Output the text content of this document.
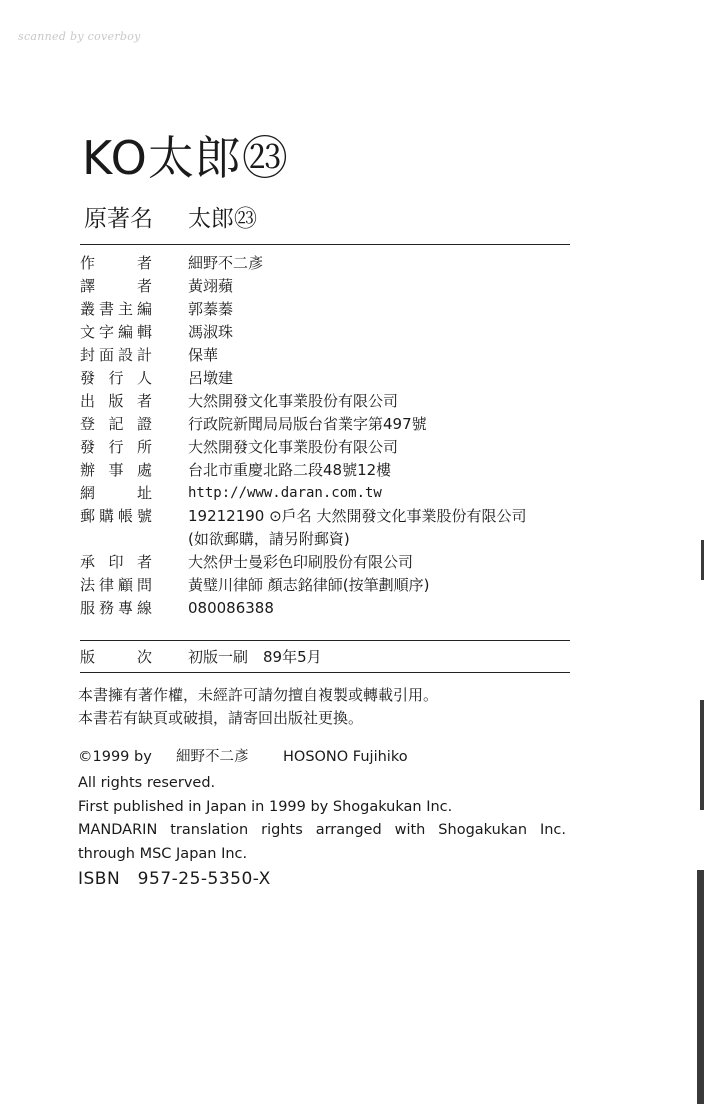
scanned by coverboy
KO太郎㉓
原著名 太郎㉓
作　者 細野不二彥
譯　者 黃翊蘋
叢書主編 郭蓁蓁
文字編輯 馮淑珠
封面設計 保華
發行人 呂墩建
出版者 大然開發文化事業股份有限公司
登記證 行政院新聞局局版台省業字第497號
發行所 大然開發文化事業股份有限公司
辦事處 台北市重慶北路二段48號12樓
網　址	http://www.daran.com.tw
郵購帳號 19212190 ⊙戶名 大然開發文化事業股份有限公司
(如欲郵購，請另附郵資)
承印者 大然伊士曼彩色印刷股份有限公司
法律顧問 黃璧川律師 顏志銘律師(按筆劃順序)
服務專線 080086388
版　次 初版一刷　89年5月
本書擁有著作權，未經許可請勿擅自複製或轉載引用。
本書若有缺頁或破損，請寄回出版社更換。
©1999 by 細野不二彥 HOSONO Fujihiko
All rights reserved.
First published in Japan in 1999 by Shogakukan Inc.
MANDARIN translation rights arranged with Shogakukan Inc.
through MSC Japan Inc.
ISBN　957-25-5350-X
